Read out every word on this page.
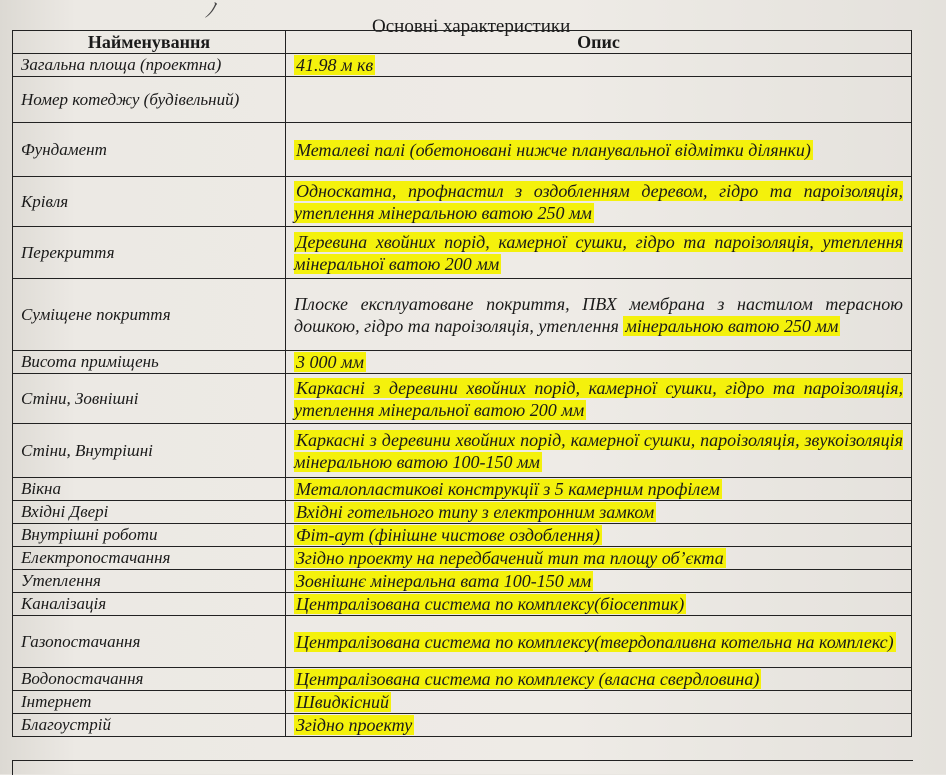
ﾉ
Основні характеристики
Найменування	Опис
Загальна площа (проектна)	41.98 м кв
Номер котеджу (будівельний)	
Фундамент	Металеві палі (обетоновані нижче планувальної відмітки ділянки)
Крівля	Односкатна, профнастил з оздобленням деревом, гідро та пароізоляція, утеплення мінеральною ватою 250 мм
Перекриття	Деревина хвойних порід, камерної сушки, гідро та пароізоляція, утеплення мінеральної ватою 200 мм
Суміщене покриття	Плоске експлуатоване покриття, ПВХ мембрана з настилом терасною дошкою, гідро та пароізоляція, утеплення мінеральною ватою 250 мм
Висота приміщень	3 000 мм
Стіни, Зовнішні	Каркасні з деревини хвойних порід, камерної сушки, гідро та пароізоляція, утеплення мінеральної ватою 200 мм
Стіни, Внутрішні	Каркасні з деревини хвойних порід, камерної сушки, пароізоляція, звукоізоляція мінеральною ватою 100-150 мм
Вікна	Металопластикові конструкції з 5 камерним профілем
Вхідні Двері	Вхідні готельного типу з електронним замком
Внутрішні роботи	Фіт-аут (фінішне чистове оздоблення)
Електропостачання	Згідно проекту на передбачений тип та площу об’єкта
Утеплення	Зовнішнє мінеральна вата 100-150 мм
Каналізація	Централізована система по комплексу(біосептик)
Газопостачання	Централізована система по комплексу(твердопаливна котельна на комплекс)
Водопостачання	Централізована система по комплексу (власна свердловина)
Інтернет	Швидкісний
Благоустрій	Згідно проекту
